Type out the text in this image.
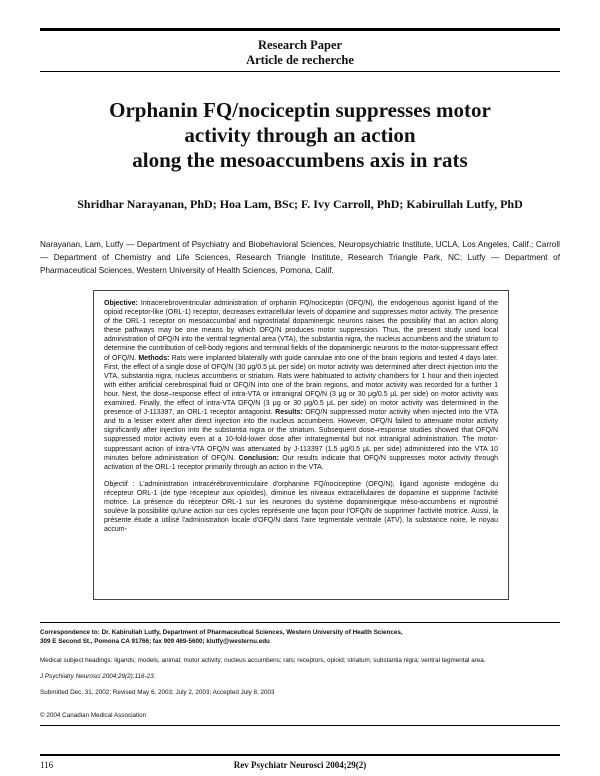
Research Paper
Article de recherche
Orphanin FQ/nociceptin suppresses motor
activity through an action
along the mesoaccumbens axis in rats
Shridhar Narayanan, PhD; Hoa Lam, BSc; F. Ivy Carroll, PhD; Kabirullah Lutfy, PhD
Narayanan, Lam, Lutfy — Department of Psychiatry and Biobehavioral Sciences, Neuropsychiatric Institute, UCLA, Los Angeles, Calif.; Carroll — Department of Chemistry and Life Sciences, Research Triangle Institute, Research Triangle Park, NC; Lutfy — Department of Pharmaceutical Sciences, Western University of Health Sciences, Pomona, Calif.

Objective: Intracerebroventricular administration of orphanin FQ/nociceptin (OFQ/N), the endogenous agonist ligand of the opioid receptor-like (ORL-1) receptor, decreases extracellular levels of dopamine and suppresses motor activity. The presence of the ORL-1 receptor on mesoaccumbal and nigrostriatal dopaminergic neurons raises the possibility that an action along these pathways may be one means by which OFQ/N produces motor suppression. Thus, the present study used local administration of OFQ/N into the ventral tegmental area (VTA), the substantia nigra, the nucleus accumbens and the striatum to determine the contribution of cell-body regions and terminal fields of the dopaminergic neurons to the motor-suppressant effect of OFQ/N. Methods: Rats were implanted bilaterally with guide cannulae into one of the brain regions and tested 4 days later. First, the effect of a single dose of OFQ/N (30 μg/0.5 μL per side) on motor activity was determined after direct injection into the VTA, substantia nigra, nucleus accumbens or striatum. Rats were habituated to activity chambers for 1 hour and then injected with either artificial cerebrospinal fluid or OFQ/N into one of the brain regions, and motor activity was recorded for a further 1 hour. Next, the dose–response effect of intra-VTA or intranigral OFQ/N (3 μg or 30 μg/0.5 μL per side) on motor activity was examined. Finally, the effect of intra-VTA OFQ/N (3 μg or 30 μg/0.5 μL per side) on motor activity was determined in the presence of J-113397, an ORL-1 receptor antagonist. Results: OFQ/N suppressed motor activity when injected into the VTA and to a lesser extent after direct injection into the nucleus accumbens. However, OFQ/N failed to attenuate motor activity significantly after injection into the substantia nigra or the striatum. Subsequent dose–response studies showed that OFQ/N suppressed motor activity even at a 10-fold-lower dose after intrategmental but not intranigral administration. The motor-suppressant action of intra-VTA OFQ/N was attenuated by J-113397 (1.5 μg/0.5 μL per side) administered into the VTA 10 minutes before administration of OFQ/N. Conclusion: Our results indicate that OFQ/N suppresses motor activity through activation of the ORL-1 receptor primarily through an action in the VTA.

Objectif : L'administration intracérébroventriculaire d'orphanine FQ/nociceptine (OFQ/N), ligand agoniste endogène du récepteur ORL-1 (de type récepteur aux opioïdes), diminue les niveaux extracellulaires de dopamine et supprime l'activité motrice. La présence du récepteur ORL-1 sur les neurones du système dopaminergique méso-accumbens et nigrostrié soulève la possibilité qu'une action sur ces cycles représente une façon pour l'OFQ/N de supprimer l'activité motrice. Aussi, la présente étude a utilisé l'administration locale d'OFQ/N dans l'aire tegmentale ventrale (ATV), la substance noire, le noyau accum-

Correspondence to: Dr. Kabirullah Lutfy, Department of Pharmaceutical Sciences, Western University of Health Sciences,
309 E Second St., Pomona CA 91766; fax 909 469-5600; klutfy@westernu.edu
Medical subject headings: ligands; models, animal; motor activity; nucleus accumbens; rats; receptors, opioid; striatum; substantia nigra; ventral tegmental area.
J Psychiatry Neurosci 2004;29(2):116-23.
Submitted Dec. 31, 2002; Revised May 6, 2003; July 2, 2003; Accepted July 8, 2003
© 2004 Canadian Medical Association
116	Rev Psychiatr Neurosci 2004;29(2)
